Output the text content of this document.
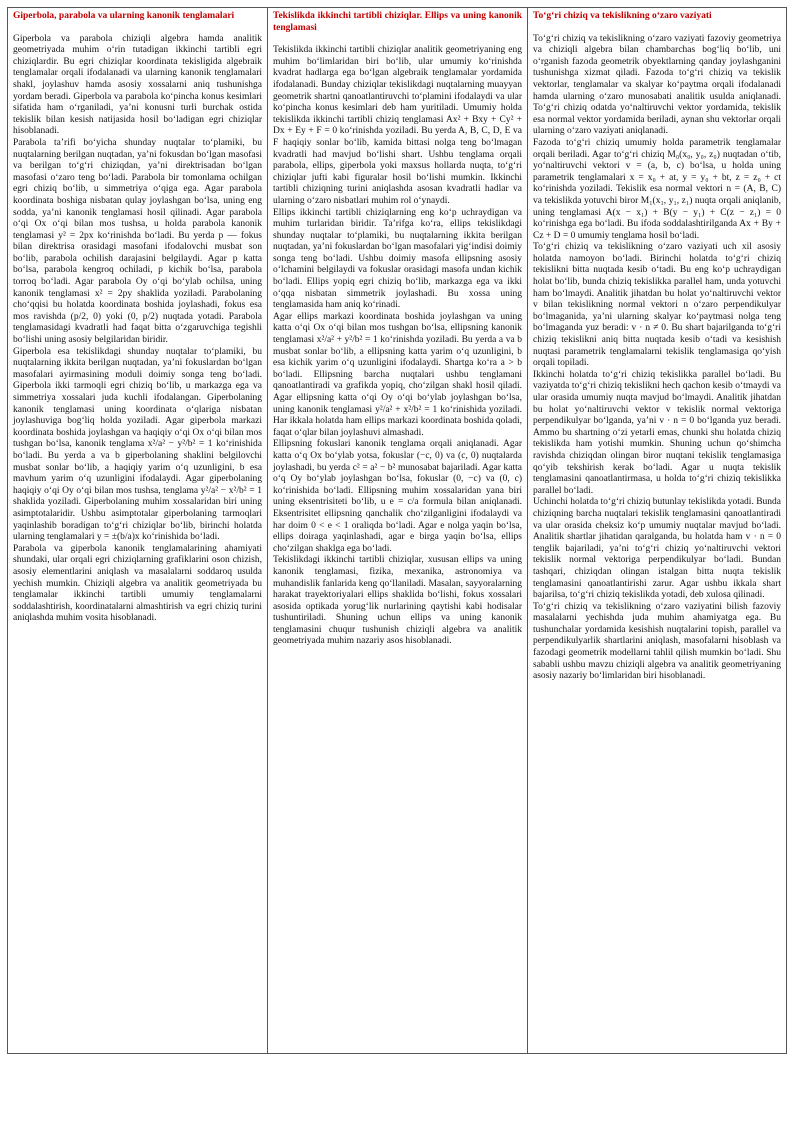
Giperbola, parabola va ularning kanonik tenglamalari

Giperbola va parabola chiziqli algebra hamda analitik geometriyada muhim o‘rin tutadigan ikkinchi tartibli egri chiziqlardir. Bu egri chiziqlar koordinata tekisligida algebraik tenglamalar orqali ifodalanadi va ularning kanonik tenglamalari shakl, joylashuv hamda asosiy xossalarni aniq tushunishga yordam beradi. Giperbola va parabola ko‘pincha konus kesimlari sifatida ham o‘rganiladi, ya’ni konusni turli burchak ostida tekislik bilan kesish natijasida hosil bo‘ladigan egri chiziqlar hisoblanadi.

Parabola ta’rifi bo‘yicha shunday nuqtalar to‘plamiki, bu nuqtalarning berilgan nuqtadan, ya’ni fokusdan bo‘lgan masofasi va berilgan to‘g‘ri chiziqdan, ya’ni direktrisadan bo‘lgan masofasi o‘zaro teng bo‘ladi. Parabola bir tomonlama ochilgan egri chiziq bo‘lib, u simmetriya o‘qiga ega. Agar parabola koordinata boshiga nisbatan qulay joylashgan bo‘lsa, uning eng sodda, ya’ni kanonik tenglamasi hosil qilinadi. Agar parabola o‘qi Ox o‘qi bilan mos tushsa, u holda parabola kanonik tenglamasi y² = 2px ko‘rinishda bo‘ladi. Bu yerda p — fokus bilan direktrisa orasidagi masofani ifodalovchi musbat son bo‘lib, parabola ochilish darajasini belgilaydi. Agar p katta bo‘lsa, parabola kengroq ochiladi, p kichik bo‘lsa, parabola torroq bo‘ladi. Agar parabola Oy o‘qi bo‘ylab ochilsa, uning kanonik tenglamasi x² = 2py shaklida yoziladi. Parabolaning cho‘qqisi bu holatda koordinata boshida joylashadi, fokus esa mos ravishda (p/2, 0) yoki (0, p/2) nuqtada yotadi. Parabola tenglamasidagi kvadratli had faqat bitta o‘zgaruvchiga tegishli bo‘lishi uning asosiy belgilaridan biridir.

Giperbola esa tekislikdagi shunday nuqtalar to‘plamiki, bu nuqtalarning ikkita berilgan nuqtadan, ya’ni fokuslardan bo‘lgan masofalari ayirmasining moduli doimiy songa teng bo‘ladi. Giperbola ikki tarmoqli egri chiziq bo‘lib, u markazga ega va simmetriya xossalari juda kuchli ifodalangan. Giperbolaning kanonik tenglamasi uning koordinata o‘qlariga nisbatan joylashuviga bog‘liq holda yoziladi. Agar giperbola markazi koordinata boshida joylashgan va haqiqiy o‘qi Ox o‘qi bilan mos tushgan bo‘lsa, kanonik tenglama x²/a² − y²/b² = 1 ko‘rinishida bo‘ladi. Bu yerda a va b giperbolaning shaklini belgilovchi musbat sonlar bo‘lib, a haqiqiy yarim o‘q uzunligini, b esa mavhum yarim o‘q uzunligini ifodalaydi. Agar giperbolaning haqiqiy o‘qi Oy o‘qi bilan mos tushsa, tenglama y²/a² − x²/b² = 1 shaklida yoziladi. Giperbolaning muhim xossalaridan biri uning asimptotalaridir. Ushbu asimptotalar giperbolaning tarmoqlari yaqinlashib boradigan to‘g‘ri chiziqlar bo‘lib, birinchi holatda ularning tenglamalari y = ±(b/a)x ko‘rinishida bo‘ladi.

Parabola va giperbola kanonik tenglamalarining ahamiyati shundaki, ular orqali egri chiziqlarning grafiklarini oson chizish, asosiy elementlarini aniqlash va masalalarni soddaroq usulda yechish mumkin. Chiziqli algebra va analitik geometriyada bu tenglamalar ikkinchi tartibli umumiy tenglamalarni soddalashtirish, koordinatalarni almashtirish va egri chiziq turini aniqlashda muhim vosita hisoblanadi.

Tekislikda ikkinchi tartibli chiziqlar. Ellips va uning kanonik tenglamasi

Tekislikda ikkinchi tartibli chiziqlar analitik geometriyaning eng muhim bo‘limlaridan biri bo‘lib, ular umumiy ko‘rinishda kvadrat hadlarga ega bo‘lgan algebraik tenglamalar yordamida ifodalanadi. Bunday chiziqlar tekislikdagi nuqtalarning muayyan geometrik shartni qanoatlantiruvchi to‘plamini ifodalaydi va ular ko‘pincha konus kesimlari deb ham yuritiladi. Umumiy holda tekislikda ikkinchi tartibli chiziq tenglamasi Ax² + Bxy + Cy² + Dx + Ey + F = 0 ko‘rinishda yoziladi. Bu yerda A, B, C, D, E va F haqiqiy sonlar bo‘lib, kamida bittasi nolga teng bo‘lmagan kvadratli had mavjud bo‘lishi shart. Ushbu tenglama orqali parabola, ellips, giperbola yoki maxsus hollarda nuqta, to‘g‘ri chiziqlar jufti kabi figuralar hosil bo‘lishi mumkin. Ikkinchi tartibli chiziqning turini aniqlashda asosan kvadratli hadlar va ularning o‘zaro nisbatlari muhim rol o‘ynaydi.

Ellips ikkinchi tartibli chiziqlarning eng ko‘p uchraydigan va muhim turlaridan biridir. Ta’rifga ko‘ra, ellips tekislikdagi shunday nuqtalar to‘plamiki, bu nuqtalarning ikkita berilgan nuqtadan, ya’ni fokuslardan bo‘lgan masofalari yig‘indisi doimiy songa teng bo‘ladi. Ushbu doimiy masofa ellipsning asosiy o‘lchamini belgilaydi va fokuslar orasidagi masofa undan kichik bo‘ladi. Ellips yopiq egri chiziq bo‘lib, markazga ega va ikki o‘qqa nisbatan simmetrik joylashadi. Bu xossa uning tenglamasida ham aniq ko‘rinadi.

Agar ellips markazi koordinata boshida joylashgan va uning katta o‘qi Ox o‘qi bilan mos tushgan bo‘lsa, ellipsning kanonik tenglamasi x²/a² + y²/b² = 1 ko‘rinishda yoziladi. Bu yerda a va b musbat sonlar bo‘lib, a ellipsning katta yarim o‘q uzunligini, b esa kichik yarim o‘q uzunligini ifodalaydi. Shartga ko‘ra a > b bo‘ladi. Ellipsning barcha nuqtalari ushbu tenglamani qanoatlantiradi va grafikda yopiq, cho‘zilgan shakl hosil qiladi. Agar ellipsning katta o‘qi Oy o‘qi bo‘ylab joylashgan bo‘lsa, uning kanonik tenglamasi y²/a² + x²/b² = 1 ko‘rinishida yoziladi. Har ikkala holatda ham ellips markazi koordinata boshida qoladi, faqat o‘qlar bilan joylashuvi almashadi.

Ellipsning fokuslari kanonik tenglama orqali aniqlanadi. Agar katta o‘q Ox bo‘ylab yotsa, fokuslar (−c, 0) va (c, 0) nuqtalarda joylashadi, bu yerda c² = a² − b² munosabat bajariladi. Agar katta o‘q Oy bo‘ylab joylashgan bo‘lsa, fokuslar (0, −c) va (0, c) ko‘rinishida bo‘ladi. Ellipsning muhim xossalaridan yana biri uning eksentrisiteti bo‘lib, u e = c/a formula bilan aniqlanadi. Eksentrisitet ellipsning qanchalik cho‘zilganligini ifodalaydi va har doim 0 < e < 1 oraliqda bo‘ladi. Agar e nolga yaqin bo‘lsa, ellips doiraga yaqinlashadi, agar e birga yaqin bo‘lsa, ellips cho‘zilgan shaklga ega bo‘ladi.

Tekislikdagi ikkinchi tartibli chiziqlar, xususan ellips va uning kanonik tenglamasi, fizika, mexanika, astronomiya va muhandislik fanlarida keng qo‘llaniladi. Masalan, sayyoralarning harakat trayektoriyalari ellips shaklida bo‘lishi, fokus xossalari asosida optikada yorug‘lik nurlarining qaytishi kabi hodisalar tushuntiriladi. Shuning uchun ellips va uning kanonik tenglamasini chuqur tushunish chiziqli algebra va analitik geometriyada muhim nazariy asos hisoblanadi.

To‘g‘ri chiziq va tekislikning o‘zaro vaziyati

To‘g‘ri chiziq va tekislikning o‘zaro vaziyati fazoviy geometriya va chiziqli algebra bilan chambarchas bog‘liq bo‘lib, uni o‘rganish fazoda geometrik obyektlarning qanday joylashganini tushunishga xizmat qiladi. Fazoda to‘g‘ri chiziq va tekislik vektorlar, tenglamalar va skalyar ko‘paytma orqali ifodalanadi hamda ularning o‘zaro munosabati analitik usulda aniqlanadi. To‘g‘ri chiziq odatda yo‘naltiruvchi vektor yordamida, tekislik esa normal vektor yordamida beriladi, aynan shu vektorlar orqali ularning o‘zaro vaziyati aniqlanadi.

Fazoda to‘g‘ri chiziq umumiy holda parametrik tenglamalar orqali beriladi. Agar to‘g‘ri chiziq M₀(x₀, y₀, z₀) nuqtadan o‘tib, yo‘naltiruvchi vektori v = (a, b, c) bo‘lsa, u holda uning parametrik tenglamalari x = x₀ + at, y = y₀ + bt, z = z₀ + ct ko‘rinishda yoziladi. Tekislik esa normal vektori n = (A, B, C) va tekislikda yotuvchi biror M₁(x₁, y₁, z₁) nuqta orqali aniqlanib, uning tenglamasi A(x − x₁) + B(y − y₁) + C(z − z₁) = 0 ko‘rinishga ega bo‘ladi. Bu ifoda soddalashtirilganda Ax + By + Cz + D = 0 umumiy tenglama hosil bo‘ladi.

To‘g‘ri chiziq va tekislikning o‘zaro vaziyati uch xil asosiy holatda namoyon bo‘ladi. Birinchi holatda to‘g‘ri chiziq tekislikni bitta nuqtada kesib o‘tadi. Bu eng ko‘p uchraydigan holat bo‘lib, bunda chiziq tekislikka parallel ham, unda yotuvchi ham bo‘lmaydi. Analitik jihatdan bu holat yo‘naltiruvchi vektor v bilan tekislikning normal vektori n o‘zaro perpendikulyar bo‘lmaganida, ya’ni ularning skalyar ko‘paytmasi nolga teng bo‘lmaganda yuz beradi: v · n ≠ 0. Bu shart bajarilganda to‘g‘ri chiziq tekislikni aniq bitta nuqtada kesib o‘tadi va kesishish nuqtasi parametrik tenglamalarni tekislik tenglamasiga qo‘yish orqali topiladi.

Ikkinchi holatda to‘g‘ri chiziq tekislikka parallel bo‘ladi. Bu vaziyatda to‘g‘ri chiziq tekislikni hech qachon kesib o‘tmaydi va ular orasida umumiy nuqta mavjud bo‘lmaydi. Analitik jihatdan bu holat yo‘naltiruvchi vektor v tekislik normal vektoriga perpendikulyar bo‘lganda, ya’ni v · n = 0 bo‘lganda yuz beradi. Ammo bu shartning o‘zi yetarli emas, chunki shu holatda chiziq tekislikda ham yotishi mumkin. Shuning uchun qo‘shimcha ravishda chiziqdan olingan biror nuqtani tekislik tenglamasiga qo‘yib tekshirish kerak bo‘ladi. Agar u nuqta tekislik tenglamasini qanoatlantirmasa, u holda to‘g‘ri chiziq tekislikka parallel bo‘ladi.

Uchinchi holatda to‘g‘ri chiziq butunlay tekislikda yotadi. Bunda chiziqning barcha nuqtalari tekislik tenglamasini qanoatlantiradi va ular orasida cheksiz ko‘p umumiy nuqtalar mavjud bo‘ladi. Analitik shartlar jihatidan qaralganda, bu holatda ham v · n = 0 tenglik bajariladi, ya’ni to‘g‘ri chiziq yo‘naltiruvchi vektori tekislik normal vektoriga perpendikulyar bo‘ladi. Bundan tashqari, chiziqdan olingan istalgan bitta nuqta tekislik tenglamasini qanoatlantirishi zarur. Agar ushbu ikkala shart bajarilsa, to‘g‘ri chiziq tekislikda yotadi, deb xulosa qilinadi.

To‘g‘ri chiziq va tekislikning o‘zaro vaziyatini bilish fazoviy masalalarni yechishda juda muhim ahamiyatga ega. Bu tushunchalar yordamida kesishish nuqtalarini topish, parallel va perpendikulyarlik shartlarini aniqlash, masofalarni hisoblash va fazodagi geometrik modellarni tahlil qilish mumkin bo‘ladi. Shu sababli ushbu mavzu chiziqli algebra va analitik geometriyaning asosiy nazariy bo‘limlaridan biri hisoblanadi.
